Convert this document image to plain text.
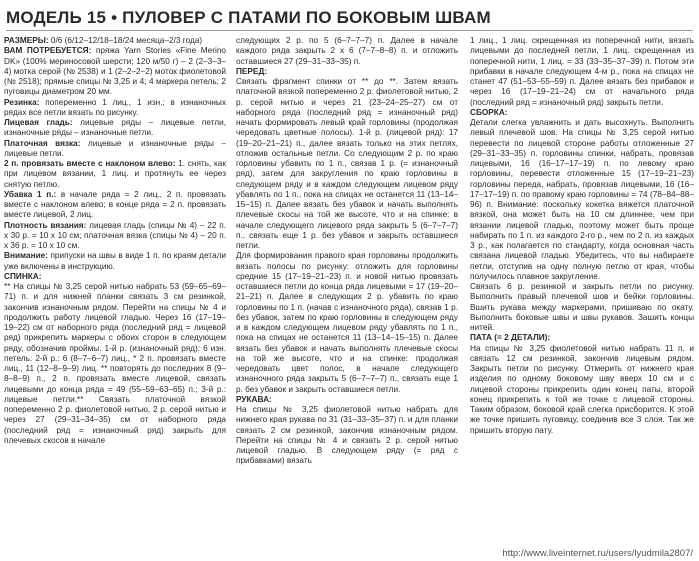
МОДЕЛЬ 15 • ПУЛОВЕР С ПАТАМИ ПО БОКОВЫМ ШВАМ

РАЗМЕРЫ: 0/6 (6/12–12/18–18/24 месяца–2/3 года)

ВАМ ПОТРЕБУЕТСЯ: пряжа Yarn Stories «Fine Merino DK» (100% мериносовой шерсти; 120 м/50 г) – 2 (2–3–3–4) мотка серой (№ 2538) и 1 (2–2–2–2) моток фиолетовой (№ 2518); прямые спицы № 3,25 и 4; 4 маркера петель; 2 пуговицы диаметром 20 мм.

Резинка: попеременно 1 лиц., 1 изн.; в изнаночных рядах все петли вязать по рисунку.

Лицевая гладь: лицевые ряды – лицевые петли, изнаночные ряды – изнаночные петли.

Платочная вязка: лицевые и изнаночные ряды – лицевые петли.

2 п. провязать вместе с наклоном влево: 1. снять, как при лицевом вязании, 1 лиц. и протянуть ее через снятую петлю.

Убавка 1 п.: в начале ряда = 2 лиц., 2 п. провязать вместе с наклоном влево; в конце ряда = 2 п. провязать вместе лицевой, 2 лиц.

Плотность вязания: лицевая гладь (спицы № 4) – 22 п. х 30 р. = 10 х 10 см; платочная вязка (спицы № 4) – 20 п. х 36 р. = 10 х 10 см.

Внимание: припуски на швы в виде 1 п. по краям детали уже включены в инструкцию.

СПИНКА:

** На спицы № 3,25 серой нитью набрать 53 (59–65–69–71) п. и для нижней планки связать 3 см резинкой, закончив изнаночным рядом. Перейти на спицы № 4 и продолжить работу лицевой гладью. Через 16 (17–19–19–22) см от наборного ряда (последний ряд = лицевой ряд) прикрепить маркеры с обоих сторон в следующем ряду, обозначив проймы. 1-й р. (изнаночный ряд): 6 изн. петель: 2-й р.: 6 (8–7–6–7) лиц., * 2 п. провязать вместе лиц., 11 (12–8–9–9) лиц. ** повторять до последних 8 (9–8–8–9) п., 2 п. провязать вместе лицевой, связать лицевыми до конца ряда = 49 (55–59–63–65) п.; 3-й р.: лицевые петли.** Связать платочной вязкой попеременно 2 р. фиолетовой нитью, 2 р. серой нитью и через 27 (29–31–34–35) см от наборного ряда (последний ряд = изнаночный ряд) закрыть для плечевых скосов в начале

следующих 2 р. по 5 (6–7–7–7) п. Далее в начале каждого ряда закрыть 2 х 6 (7–7–8–8) п. и отложить оставшиеся 27 (29–31–33–35) п.

ПЕРЕД:

Связать фрагмент спинки от ** до **. Затем вязать платочной вязкой попеременно 2 р. фиолетовой нитью, 2 р. серой нитью и через 21 (23–24–25–27) см от наборного ряда (последний ряд = изнаночный ряд) начать формировать левый край горловины (продолжая чередовать цветные полосы). 1-й р. (лицевой ряд): 17 (19–20–21–21) п., далее вязать только на этих петлях, отложив остальные петли. Со следующим 2 р. по краю горловины убавить по 1 п., связав 1 р. (= изнаночный ряд), затем для закругления по краю горловины в следующем ряду и в каждом следующем лицевом ряду убавлять по 1 п., пока на спицах не останется 11 (13–14–15–15) п. Далее вязать без убавок и начать выполнять плечевые скосы на той же высоте, что и на спинке: в начале следующего лицевого ряда закрыть 5 (6–7–7–7) п., связать еще 1 р. без убавок и закрыть оставшиеся петли.

Для формирования правого края горловины продолжить вязать полосы по рисунку: отложить для горловины средние 15 (17–19–21–23) п. и новой нитью провязать оставшиеся петли до конца ряда лицевыми = 17 (19–20–21–21) п. Далее в следующих 2 р. убавить по краю горловины по 1 п. (начав с изнаночного ряда), связав 1 р. без убавок, затем по краю горловины в следующем ряду и в каждом следующем лицевом ряду убавлять по 1 п., пока на спицах не останется 11 (13–14–15–15) п. Далее вязать без убавок и начать выполнять плечевые скосы на той же высоте, что и на спинке: продолжая чередовать цвет полос, в начале следующего изнаночного ряда закрыть 5 (6–7–7–7) п., связать еще 1 р. без убавок и закрыть оставшиеся петли.

РУКАВА:

На спицы № 3,25 фиолетовой нитью набрать для нижнего края рукава по 31 (31–33–35–37) п. и для планки связать 2 см резинкой, закончив изнаночным рядом. Перейти на спицы № 4 и связать 2 р. серой нитью лицевой гладью. В следующем ряду (= ряд с прибавками) вязать

1 лиц., 1 лиц. скрещенная из поперечной нити, вязать лицевыми до последней петли, 1 лиц. скрещенная из поперечной нити, 1 лиц. = 33 (33–35–37–39) п. Потом эти прибавки в начале следующем 4-м р., пока на спицах не станет 47 (51–53–55–59) п. Далее вязать без прибавок и через 16 (17–19–21–24) см от начального ряда (последний ряд = изнаночный ряд) закрыть петли.

СБОРКА:

Детали слегка увлажнить и дать высохнуть. Выполнить левый плечевой шов. На спицы № 3,25 серой нитью перевести по лицевой стороне работы отложенные 27 (29–31–33–35) п. горловины спинки, набрать, провязав лицевыми, 16 (16–17–17–19) п. по левому краю горловины, перевести отложенные 15 (17–19–21–23) горловины переда, набрать, провязав лицевыми, 16 (16–17–17–19) п. по правому краю горловины = 74 (78–84–88–96) п. Внимание: поскольку кокетка вяжется платочной вязкой, она может быть на 10 см длиннее, чем при вязании лицевой гладью, поэтому может быть проще набирать по 1 п. из каждого 2-го р., чем по 2 п. из каждых 3 р., как полагается по стандарту, когда основная часть связана лицевой гладью. Убедитесь, что вы набираете петли, отступив на одну полную петлю от края, чтобы получилось плавное закругление.

Связать 6 р. резинкой и закрыть петли по рисунку. Выполнить правый плечевой шов и бейки горловины. Вшить рукава между маркерами, пришиваю по окату. Выполнить боковые швы и швы рукавов. Зашить концы нитей.

ПАТА (= 2 ДЕТАЛИ):

На спицы № 3,25 фиолетовой нитью набрать 11 п. и связать 12 см резинкой, закончив лицевым рядом. Закрыть петли по рисунку. Отмерить от нижнего края изделия по одному боковому шву вверх 10 см и с лицевой стороны прикрепить один конец паты, второй конец прикрепить к той же точке с лицевой стороны. Таким образом, боковой край слегка присборится. К этой же точке пришить пуговицу, соединив все 3 слоя. Так же пришить вторую пату.

http://www.liveinternet.ru/users/lyudmila2807/
